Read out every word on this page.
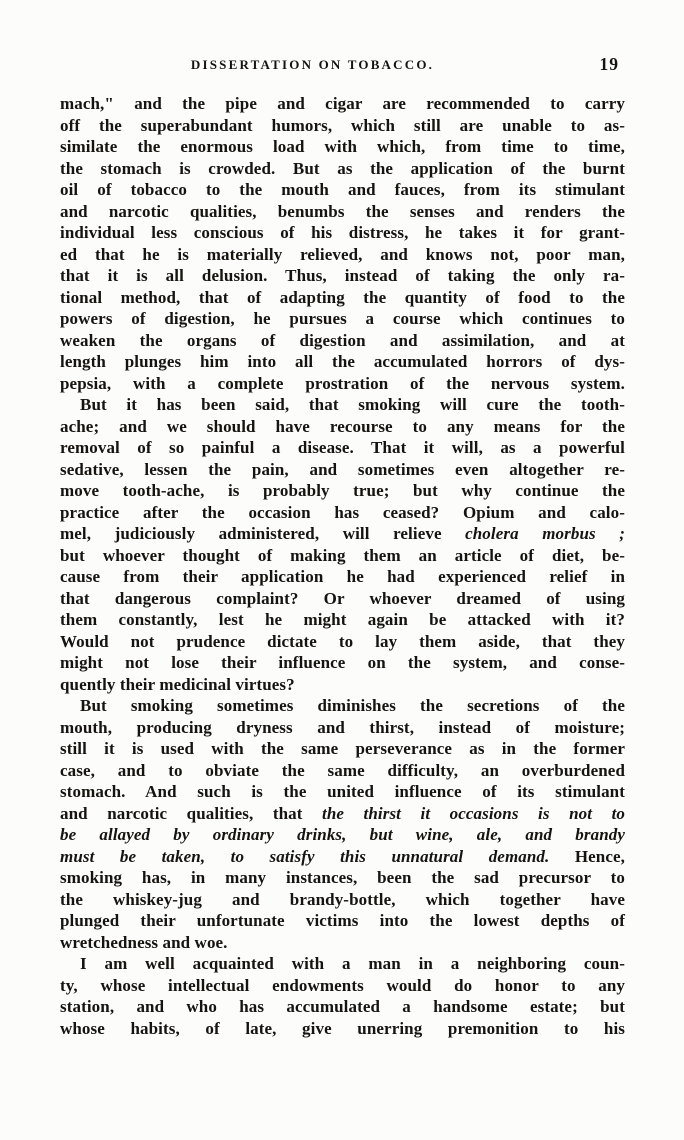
DISSERTATION ON TOBACCO.	19
mach," and the pipe and cigar are recommended to carry
off the superabundant humors, which still are unable to as-
similate the enormous load with which, from time to time,
the stomach is crowded. But as the application of the burnt
oil of tobacco to the mouth and fauces, from its stimulant
and narcotic qualities, benumbs the senses and renders the
individual less conscious of his distress, he takes it for grant-
ed that he is materially relieved, and knows not, poor man,
that it is all delusion. Thus, instead of taking the only ra-
tional method, that of adapting the quantity of food to the
powers of digestion, he pursues a course which continues to
weaken the organs of digestion and assimilation, and at
length plunges him into all the accumulated horrors of dys-
pepsia, with a complete prostration of the nervous system.
But it has been said, that smoking will cure the tooth-
ache; and we should have recourse to any means for the
removal of so painful a disease. That it will, as a powerful
sedative, lessen the pain, and sometimes even altogether re-
move tooth-ache, is probably true; but why continue the
practice after the occasion has ceased? Opium and calo-
mel, judiciously administered, will relieve cholera morbus ;
but whoever thought of making them an article of diet, be-
cause from their application he had experienced relief in
that dangerous complaint? Or whoever dreamed of using
them constantly, lest he might again be attacked with it?
Would not prudence dictate to lay them aside, that they
might not lose their influence on the system, and conse-
quently their medicinal virtues?
But smoking sometimes diminishes the secretions of the
mouth, producing dryness and thirst, instead of moisture;
still it is used with the same perseverance as in the former
case, and to obviate the same difficulty, an overburdened
stomach. And such is the united influence of its stimulant
and narcotic qualities, that the thirst it occasions is not to
be allayed by ordinary drinks, but wine, ale, and brandy
must be taken, to satisfy this unnatural demand. Hence,
smoking has, in many instances, been the sad precursor to
the whiskey-jug and brandy-bottle, which together have
plunged their unfortunate victims into the lowest depths of
wretchedness and woe.
I am well acquainted with a man in a neighboring coun-
ty, whose intellectual endowments would do honor to any
station, and who has accumulated a handsome estate; but
whose habits, of late, give unerring premonition to his
